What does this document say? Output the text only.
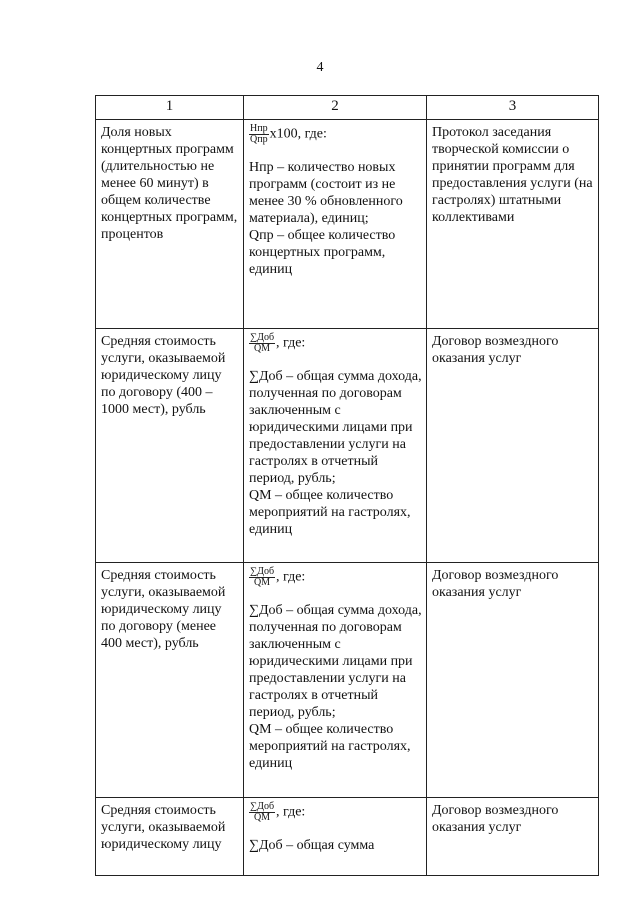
4
1	2	3
Доля новых концертных программ (длительностью не менее 60 минут) в общем количестве концертных программ, процентов	$\frac{\text{Нпр}}{\text{Qпр}} х100$, где:
Нпр – количество новых программ (состоит из не менее 30 % обновленного материала), единиц;
Qпр – общее количество концертных программ, единиц	Протокол заседания творческой комиссии о принятии программ для предоставления услуги (на гастролях) штатными коллективами
Средняя стоимость услуги, оказываемой юридическому лицу по договору (400 – 1000 мест), рубль	$\frac{\text{∑Доб}}{QМ}$ , где:
∑Доб – общая сумма дохода, полученная по договорам заключенным с юридическими лицами при предоставлении услуги на гастролях в отчетный период, рубль;
QМ – общее количество мероприятий на гастролях, единиц	Договор возмездного оказания услуг
Средняя стоимость услуги, оказываемой юридическому лицу по договору (менее 400 мест), рубль	$\frac{\text{∑Доб}}{QМ}$ , где:
∑Доб – общая сумма дохода, полученная по договорам заключенным с юридическими лицами при предоставлении услуги на гастролях в отчетный период, рубль;
QМ – общее количество мероприятий на гастролях, единиц	Договор возмездного оказания услуг
Средняя стоимость услуги, оказываемой юридическому лицу	$\frac{\text{∑Доб}}{QМ}$ , где:
∑Доб – общая сумма	Договор возмездного оказания услуг
